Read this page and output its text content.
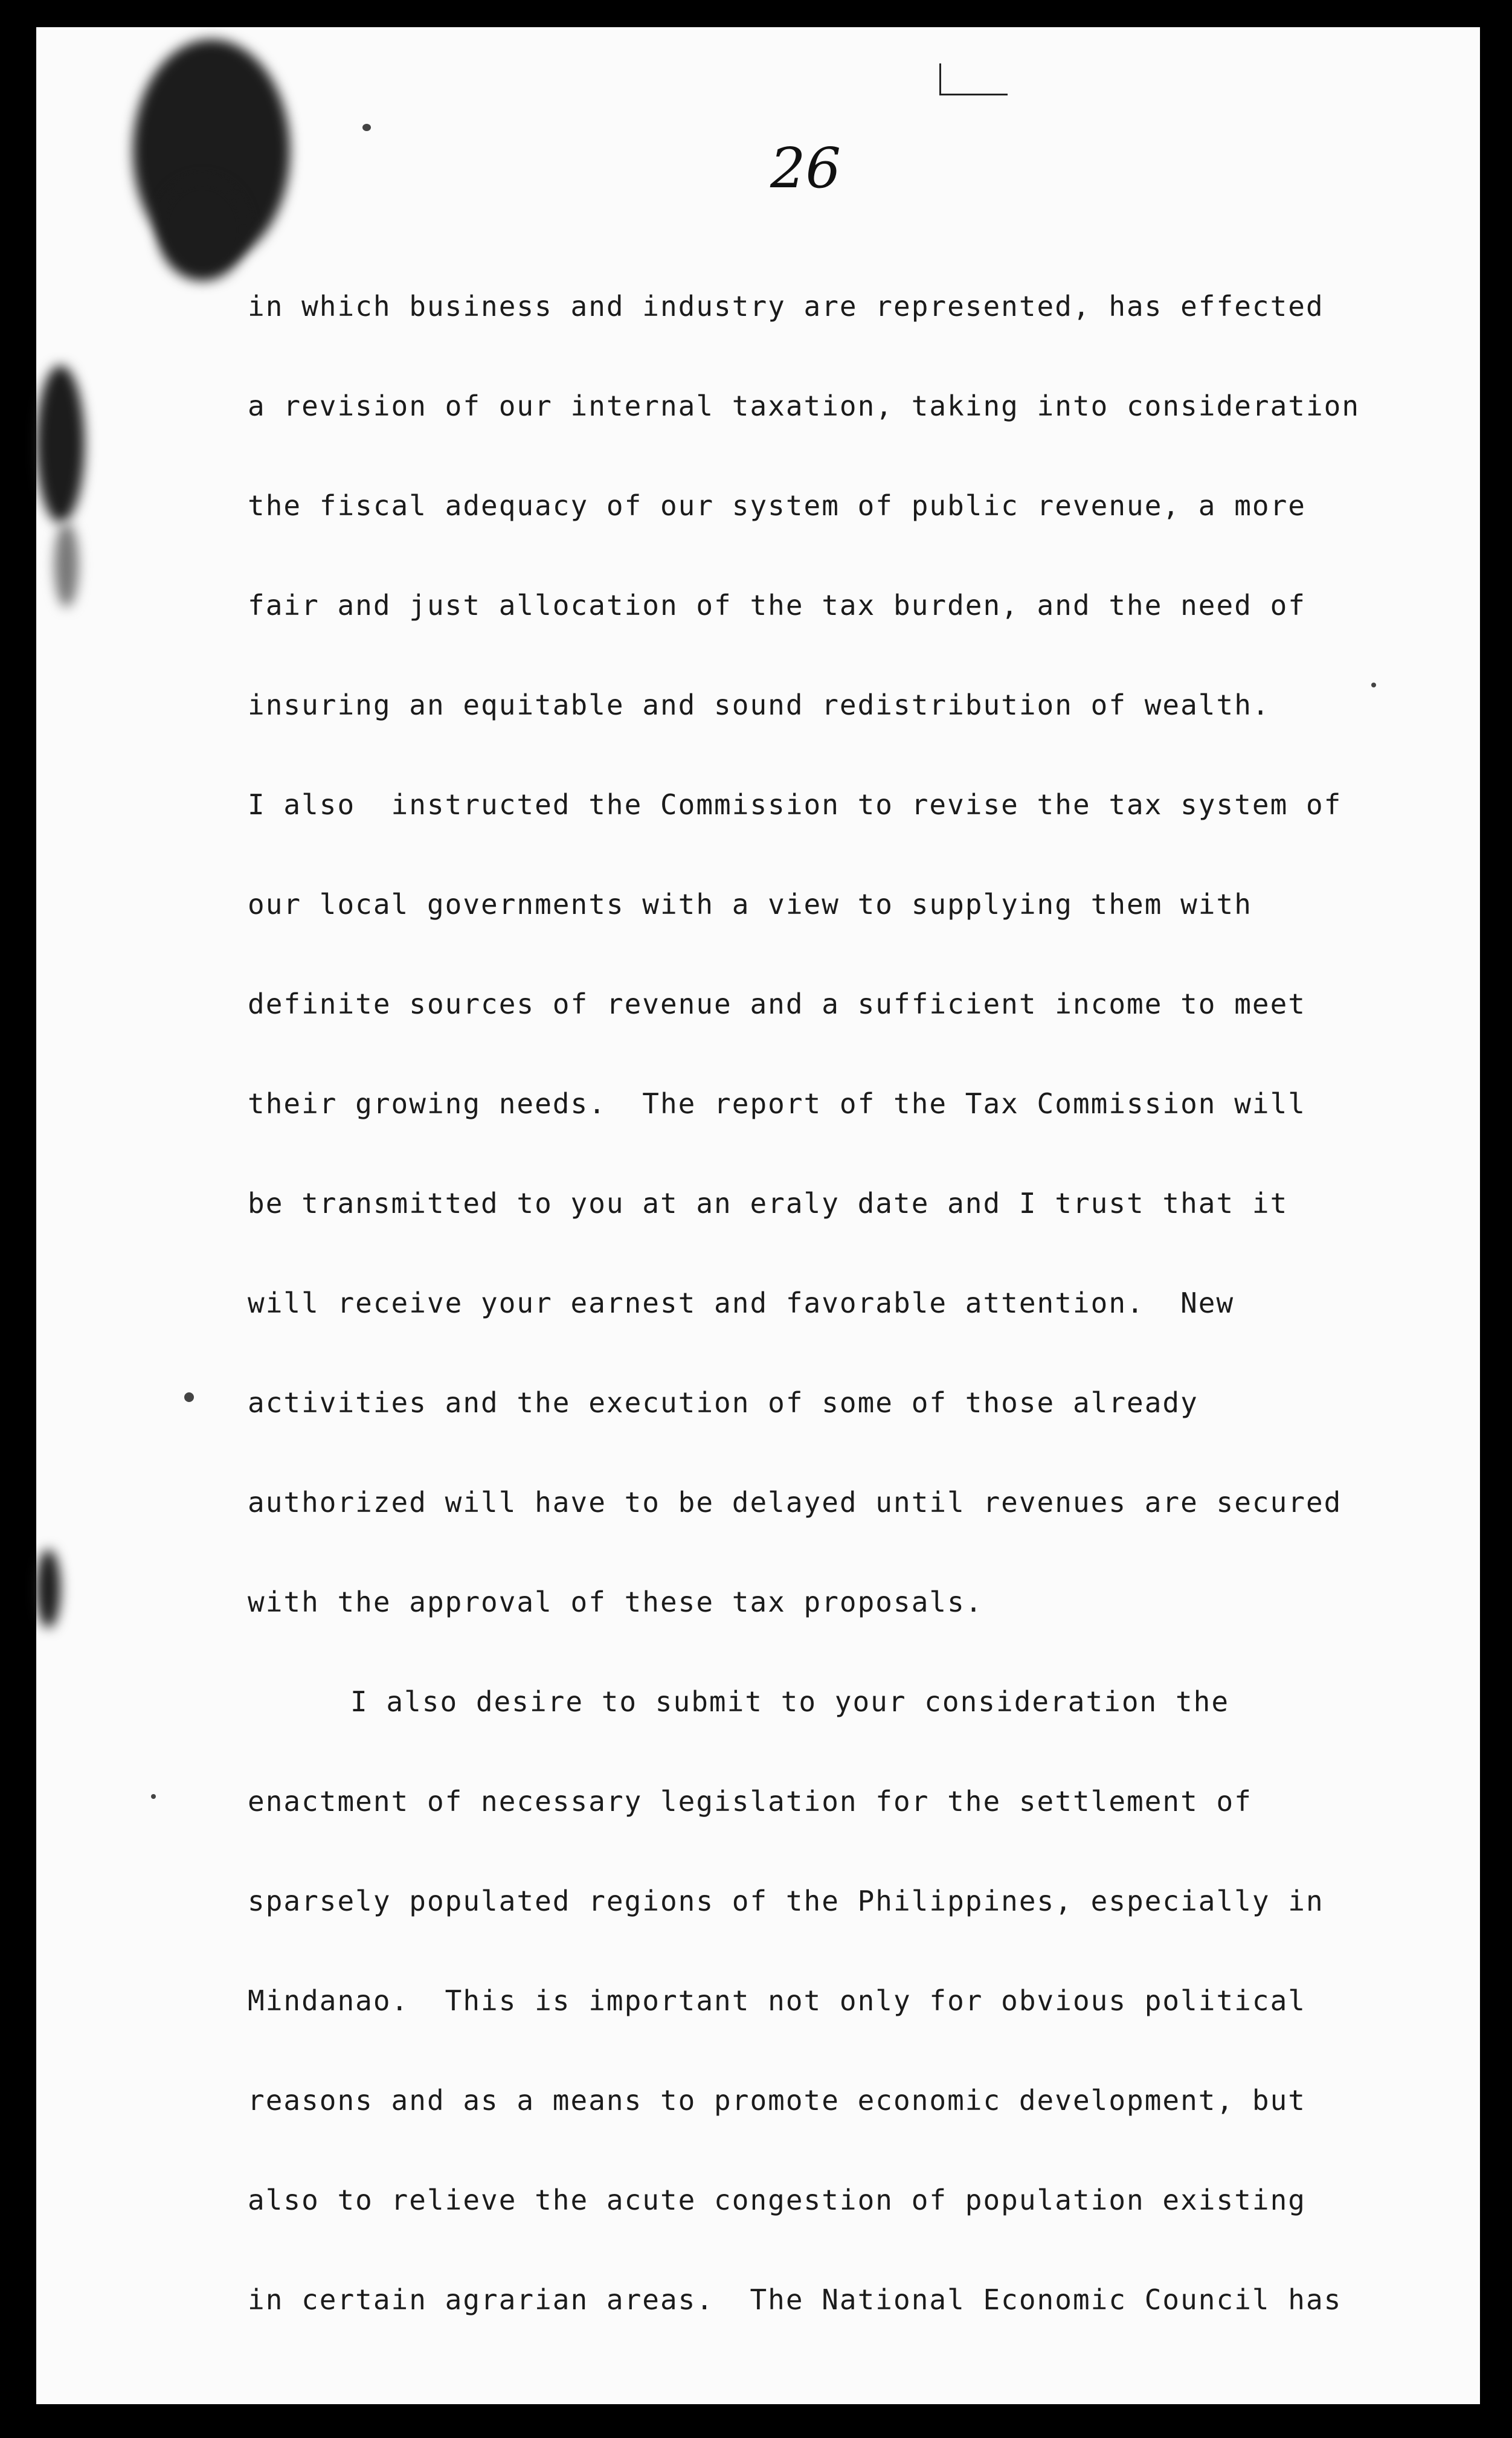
26
in which business and industry are represented, has effected
a revision of our internal taxation, taking into consideration
the fiscal adequacy of our system of public revenue, a more
fair and just allocation of the tax burden, and the need of
insuring an equitable and sound redistribution of wealth.
I also  instructed the Commission to revise the tax system of
our local governments with a view to supplying them with
definite sources of revenue and a sufficient income to meet
their growing needs.  The report of the Tax Commission will
be transmitted to you at an eraly date and I trust that it
will receive your earnest and favorable attention.  New
activities and the execution of some of those already
authorized will have to be delayed until revenues are secured
with the approval of these tax proposals.
I also desire to submit to your consideration the
enactment of necessary legislation for the settlement of
sparsely populated regions of the Philippines, especially in
Mindanao.  This is important not only for obvious political
reasons and as a means to promote economic development, but
also to relieve the acute congestion of population existing
in certain agrarian areas.  The National Economic Council has
